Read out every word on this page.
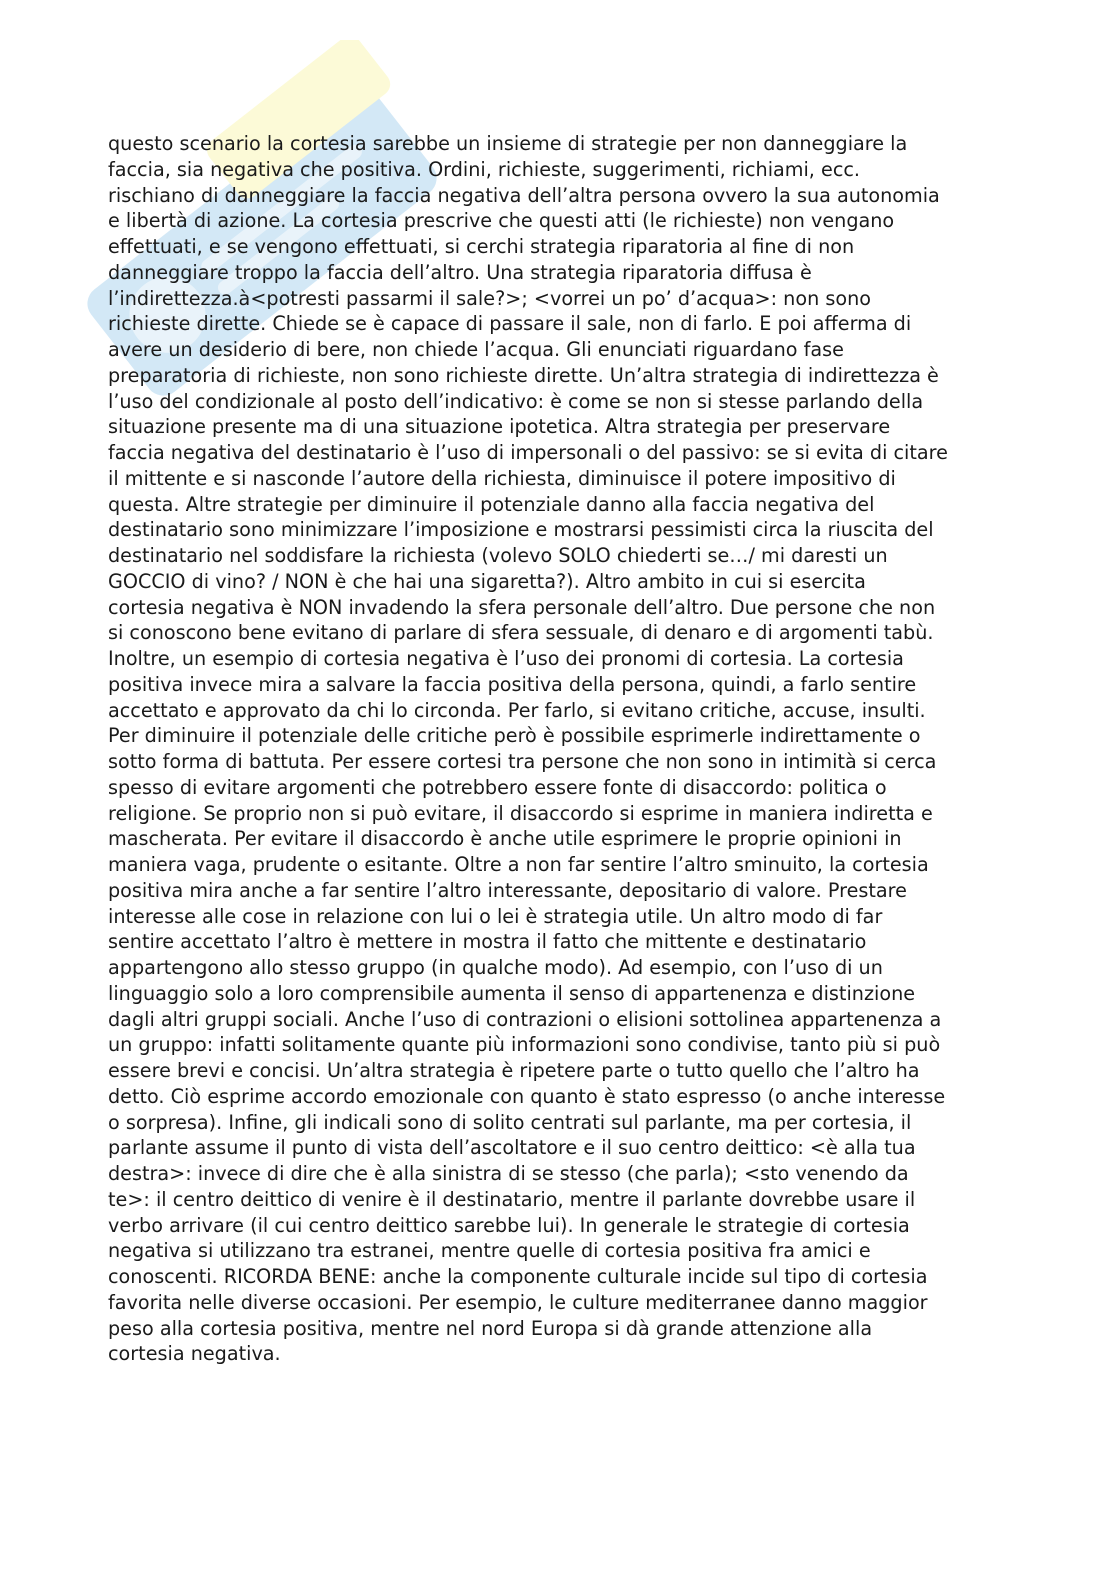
questo scenario la cortesia sarebbe un insieme di strategie per non danneggiare la
faccia, sia negativa che positiva. Ordini, richieste, suggerimenti, richiami, ecc.
rischiano di danneggiare la faccia negativa dell’altra persona ovvero la sua autonomia
e libertà di azione. La cortesia prescrive che questi atti (le richieste) non vengano
effettuati, e se vengono effettuati, si cerchi strategia riparatoria al fine di non
danneggiare troppo la faccia dell’altro. Una strategia riparatoria diffusa è
l’indirettezza.à<potresti passarmi il sale?>; <vorrei un po’ d’acqua>: non sono
richieste dirette. Chiede se è capace di passare il sale, non di farlo. E poi afferma di
avere un desiderio di bere, non chiede l’acqua. Gli enunciati riguardano fase
preparatoria di richieste, non sono richieste dirette. Un’altra strategia di indirettezza è
l’uso del condizionale al posto dell’indicativo: è come se non si stesse parlando della
situazione presente ma di una situazione ipotetica. Altra strategia per preservare
faccia negativa del destinatario è l’uso di impersonali o del passivo: se si evita di citare
il mittente e si nasconde l’autore della richiesta, diminuisce il potere impositivo di
questa. Altre strategie per diminuire il potenziale danno alla faccia negativa del
destinatario sono minimizzare l’imposizione e mostrarsi pessimisti circa la riuscita del
destinatario nel soddisfare la richiesta (volevo SOLO chiederti se…/ mi daresti un
GOCCIO di vino? / NON è che hai una sigaretta?). Altro ambito in cui si esercita
cortesia negativa è NON invadendo la sfera personale dell’altro. Due persone che non
si conoscono bene evitano di parlare di sfera sessuale, di denaro e di argomenti tabù.
Inoltre, un esempio di cortesia negativa è l’uso dei pronomi di cortesia. La cortesia
positiva invece mira a salvare la faccia positiva della persona, quindi, a farlo sentire
accettato e approvato da chi lo circonda. Per farlo, si evitano critiche, accuse, insulti.
Per diminuire il potenziale delle critiche però è possibile esprimerle indirettamente o
sotto forma di battuta. Per essere cortesi tra persone che non sono in intimità si cerca
spesso di evitare argomenti che potrebbero essere fonte di disaccordo: politica o
religione. Se proprio non si può evitare, il disaccordo si esprime in maniera indiretta e
mascherata. Per evitare il disaccordo è anche utile esprimere le proprie opinioni in
maniera vaga, prudente o esitante. Oltre a non far sentire l’altro sminuito, la cortesia
positiva mira anche a far sentire l’altro interessante, depositario di valore. Prestare
interesse alle cose in relazione con lui o lei è strategia utile. Un altro modo di far
sentire accettato l’altro è mettere in mostra il fatto che mittente e destinatario
appartengono allo stesso gruppo (in qualche modo). Ad esempio, con l’uso di un
linguaggio solo a loro comprensibile aumenta il senso di appartenenza e distinzione
dagli altri gruppi sociali. Anche l’uso di contrazioni o elisioni sottolinea appartenenza a
un gruppo: infatti solitamente quante più informazioni sono condivise, tanto più si può
essere brevi e concisi. Un’altra strategia è ripetere parte o tutto quello che l’altro ha
detto. Ciò esprime accordo emozionale con quanto è stato espresso (o anche interesse
o sorpresa). Infine, gli indicali sono di solito centrati sul parlante, ma per cortesia, il
parlante assume il punto di vista dell’ascoltatore e il suo centro deittico: <è alla tua
destra>: invece di dire che è alla sinistra di se stesso (che parla); <sto venendo da
te>: il centro deittico di venire è il destinatario, mentre il parlante dovrebbe usare il
verbo arrivare (il cui centro deittico sarebbe lui). In generale le strategie di cortesia
negativa si utilizzano tra estranei, mentre quelle di cortesia positiva fra amici e
conoscenti. RICORDA BENE: anche la componente culturale incide sul tipo di cortesia
favorita nelle diverse occasioni. Per esempio, le culture mediterranee danno maggior
peso alla cortesia positiva, mentre nel nord Europa si dà grande attenzione alla
cortesia negativa.
